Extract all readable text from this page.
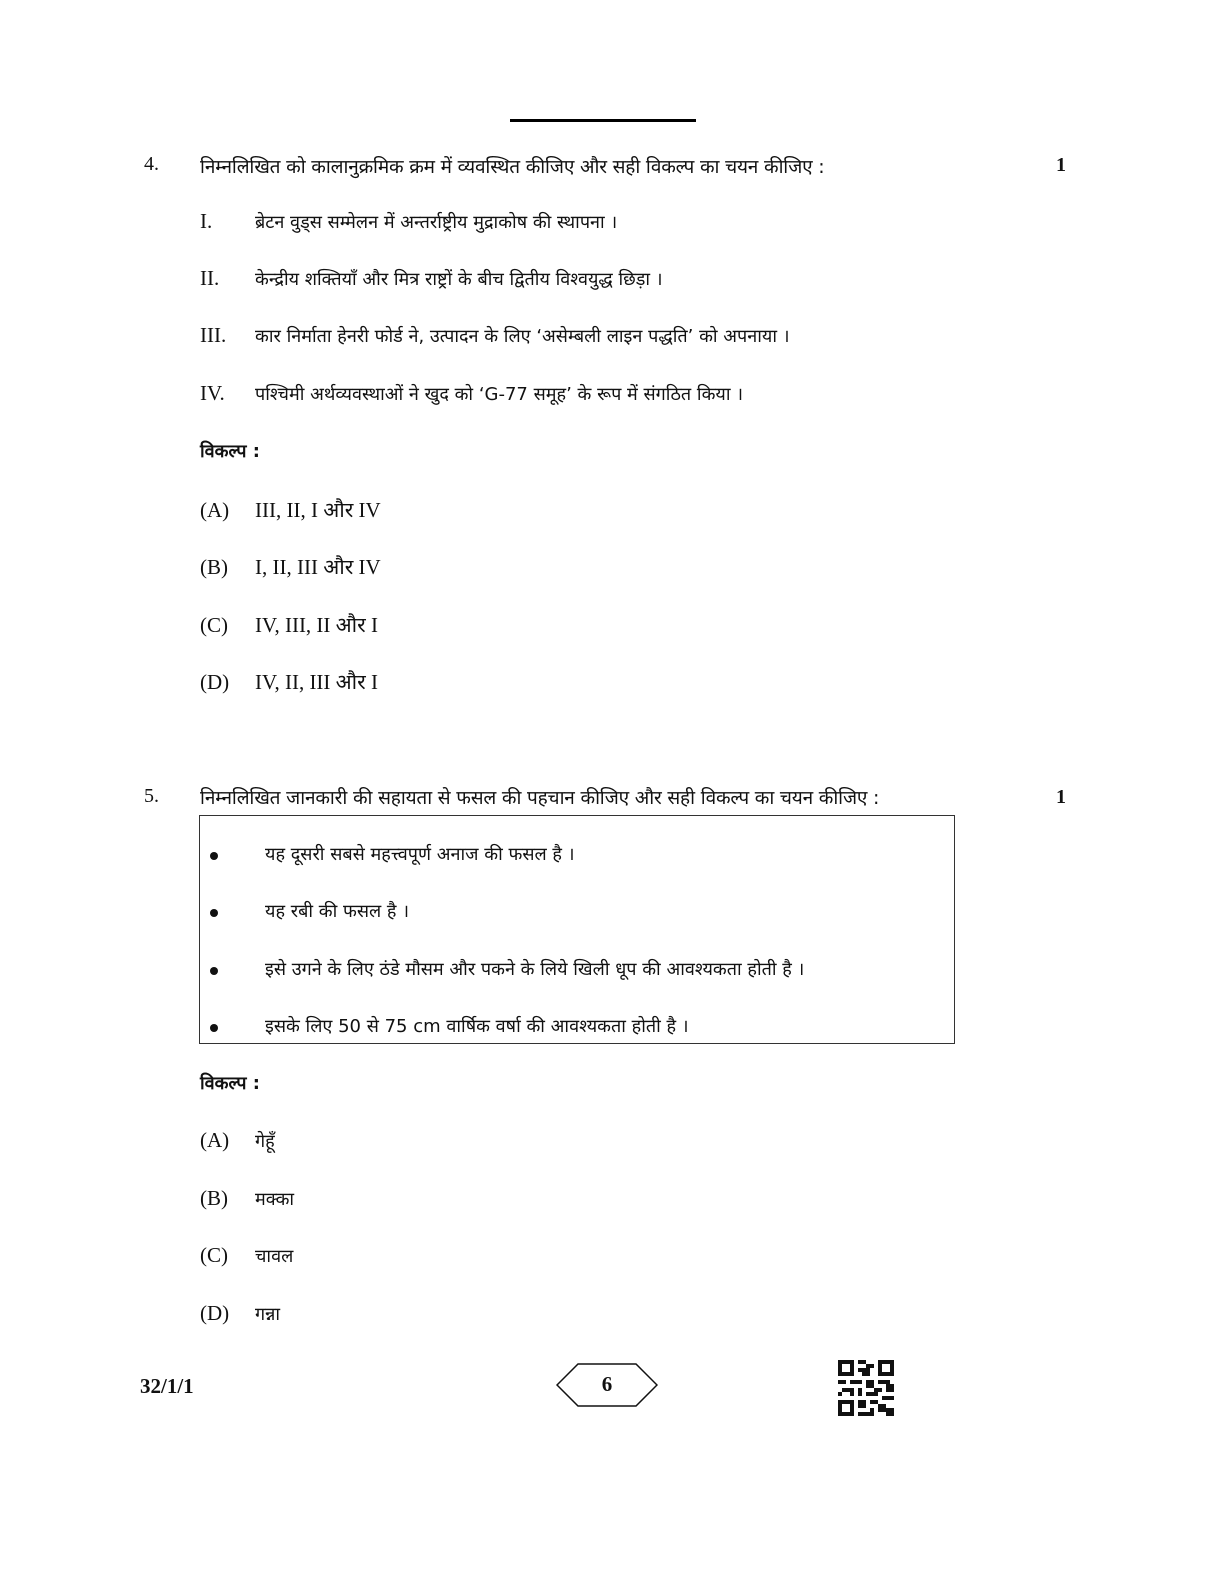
4. निम्नलिखित को कालानुक्रमिक क्रम में व्यवस्थित कीजिए और सही विकल्प का चयन कीजिए :	1
I.	ब्रेटन वुड्स सम्मेलन में अन्तर्राष्ट्रीय मुद्राकोष की स्थापना ।
II.	केन्द्रीय शक्तियाँ और मित्र राष्ट्रों के बीच द्वितीय विश्वयुद्ध छिड़ा ।
III.	कार निर्माता हेनरी फोर्ड ने, उत्पादन के लिए ‘असेम्बली लाइन पद्धति’ को अपनाया ।
IV.	पश्चिमी अर्थव्यवस्थाओं ने खुद को ‘G-77 समूह’ के रूप में संगठित किया ।
विकल्प :
(A)	III, II, I और IV
(B)	I, II, III और IV
(C)	IV, III, II और I
(D)	IV, II, III और I
5. निम्नलिखित जानकारी की सहायता से फसल की पहचान कीजिए और सही विकल्प का चयन कीजिए :	1
यह दूसरी सबसे महत्त्वपूर्ण अनाज की फसल है ।
यह रबी की फसल है ।
इसे उगने के लिए ठंडे मौसम और पकने के लिये खिली धूप की आवश्यकता होती है ।
इसके लिए 50 से 75 cm वार्षिक वर्षा की आवश्यकता होती है ।
विकल्प :
(A)	गेहूँ
(B)	मक्का
(C)	चावल
(D)	गन्ना
32/1/1	6
